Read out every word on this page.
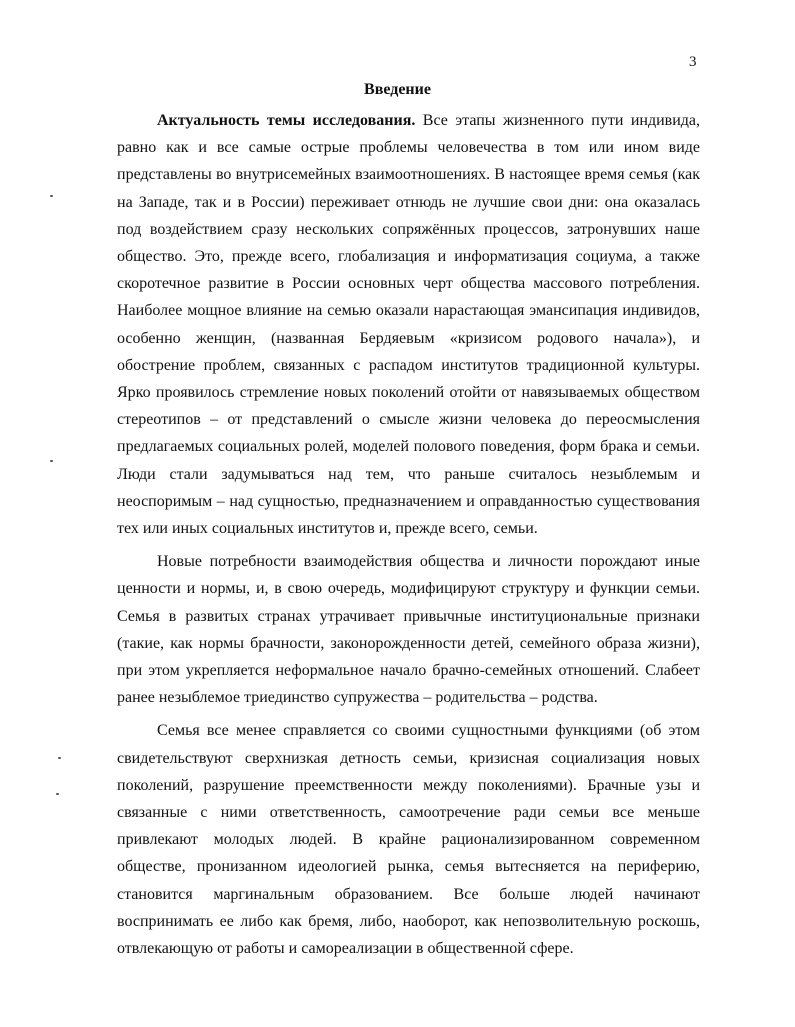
3
Введение

Актуальность темы исследования. Все этапы жизненного пути индивида, равно как и все самые острые проблемы человечества в том или ином виде представлены во внутрисемейных взаимоотношениях. В настоящее время семья (как на Западе, так и в России) переживает отнюдь не лучшие свои дни: она оказалась под воздействием сразу нескольких сопряжённых процессов, затронувших наше общество. Это, прежде всего, глобализация и информатизация социума, а также скоротечное развитие в России основных черт общества массового потребления. Наиболее мощное влияние на семью оказали нарастающая эмансипация индивидов, особенно женщин, (названная Бердяевым «кризисом родового начала»), и обострение проблем, связанных с распадом институтов традиционной культуры. Ярко проявилось стремление новых поколений отойти от навязываемых обществом стереотипов – от представлений о смысле жизни человека до переосмысления предлагаемых социальных ролей, моделей полового поведения, форм брака и семьи. Люди стали задумываться над тем, что раньше считалось незыблемым и неоспоримым – над сущностью, предназначением и оправданностью существования тех или иных социальных институтов и, прежде всего, семьи.

Новые потребности взаимодействия общества и личности порождают иные ценности и нормы, и, в свою очередь, модифицируют структуру и функции семьи. Семья в развитых странах утрачивает привычные институциональные признаки (такие, как нормы брачности, законорожденности детей, семейного образа жизни), при этом укрепляется неформальное начало брачно-семейных отношений. Слабеет ранее незыблемое триединство супружества – родительства – родства.

Семья все менее справляется со своими сущностными функциями (об этом свидетельствуют сверхнизкая детность семьи, кризисная социализация новых поколений, разрушение преемственности между поколениями). Брачные узы и связанные с ними ответственность, самоотречение ради семьи все меньше привлекают молодых людей. В крайне рационализированном современном обществе, пронизанном идеологией рынка, семья вытесняется на периферию, становится маргинальным образованием. Все больше людей начинают воспринимать ее либо как бремя, либо, наоборот, как непозволительную роскошь, отвлекающую от работы и самореализации в общественной сфере.
